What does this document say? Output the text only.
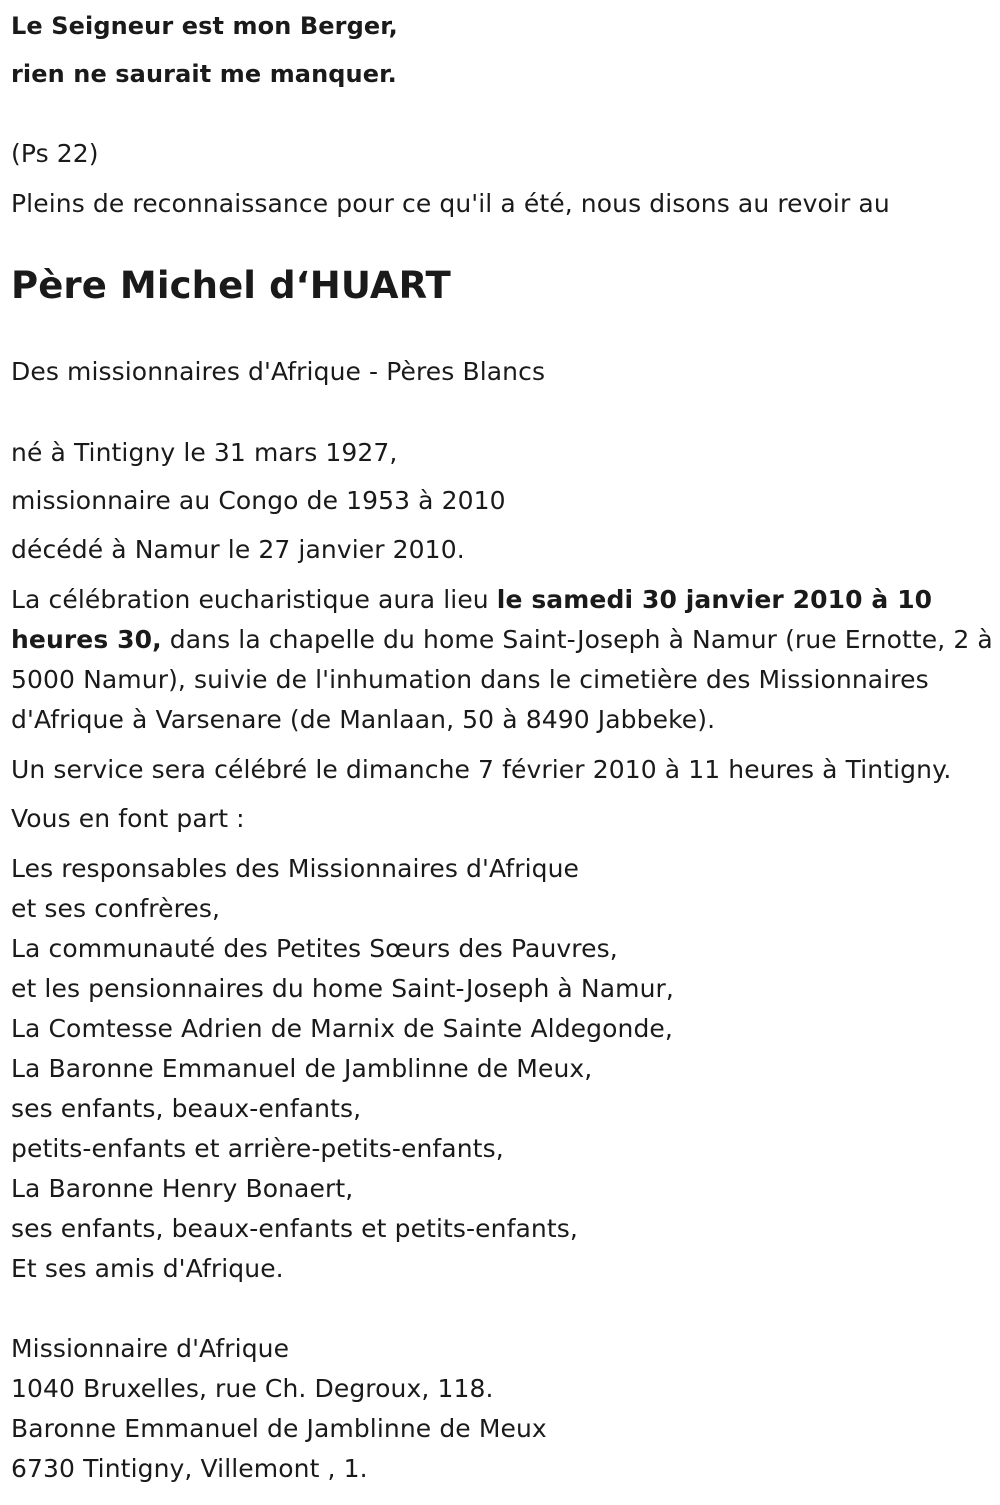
Le Seigneur est mon Berger,
rien ne saurait me manquer.
(Ps 22)
Pleins de reconnaissance pour ce qu'il a été, nous disons au revoir au
Père Michel d‘HUART
Des missionnaires d'Afrique - Pères Blancs
né à Tintigny le 31 mars 1927,
missionnaire au Congo de 1953 à 2010
décédé à Namur le 27 janvier 2010.
La célébration eucharistique aura lieu le samedi 30 janvier 2010 à 10 heures 30, dans la chapelle du home Saint-Joseph à Namur (rue Ernotte, 2 à 5000 Namur), suivie de l'inhumation dans le cimetière des Missionnaires d'Afrique à Varsenare (de Manlaan, 50 à 8490 Jabbeke).
Un service sera célébré le dimanche 7 février 2010 à 11 heures à Tintigny.
Vous en font part :
Les responsables des Missionnaires d'Afrique
et ses confrères,
La communauté des Petites Sœurs des Pauvres,
et les pensionnaires du home Saint-Joseph à Namur,
La Comtesse Adrien de Marnix de Sainte Aldegonde,
La Baronne Emmanuel de Jamblinne de Meux,
ses enfants, beaux-enfants,
petits-enfants et arrière-petits-enfants,
La Baronne Henry Bonaert,
ses enfants, beaux-enfants et petits-enfants,
Et ses amis d'Afrique.
Missionnaire d'Afrique
1040 Bruxelles, rue Ch. Degroux, 118.
Baronne Emmanuel de Jamblinne de Meux
6730 Tintigny, Villemont , 1.
